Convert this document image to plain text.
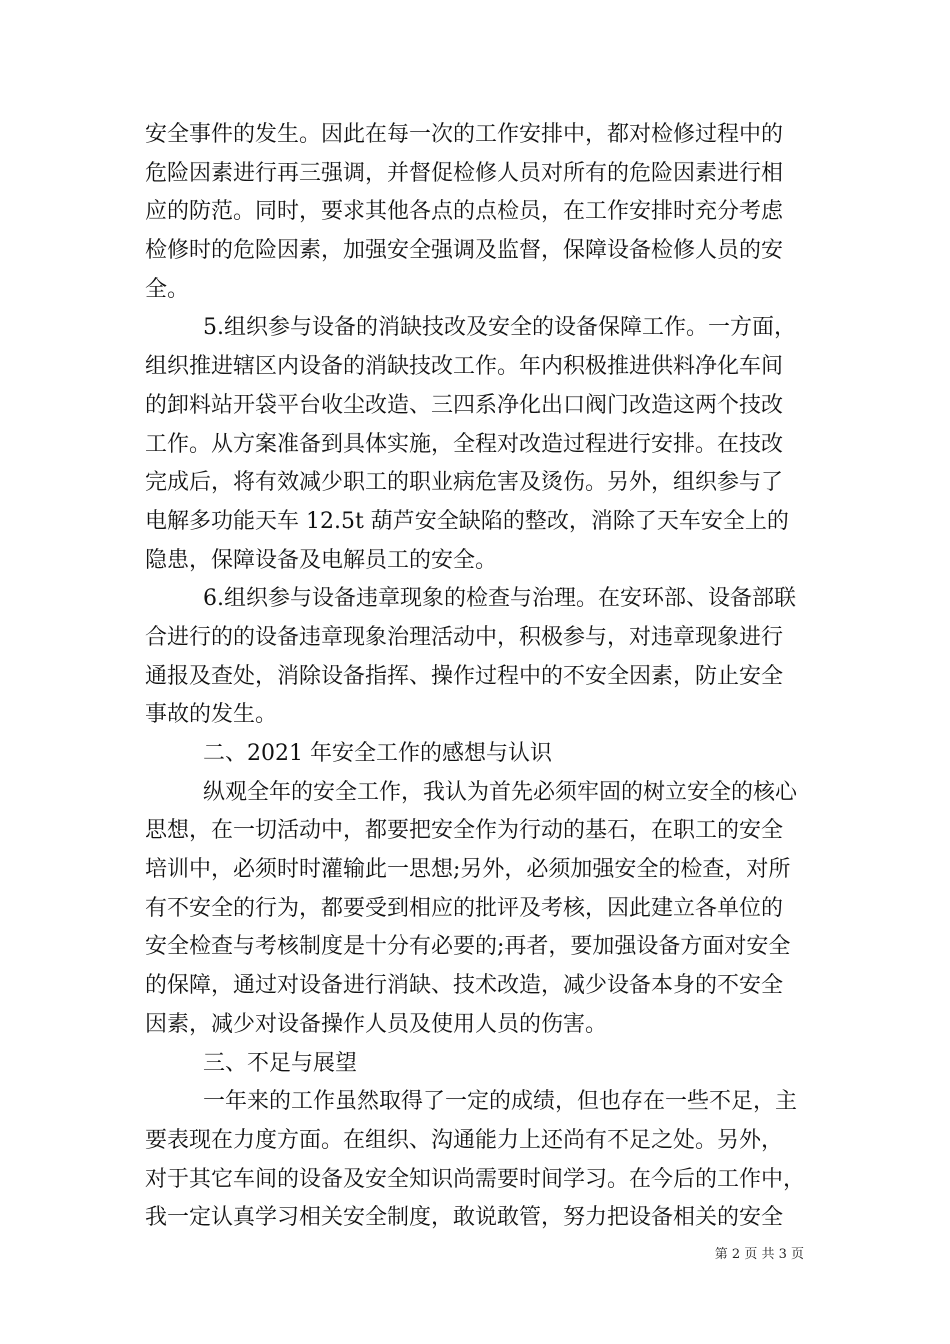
安全事件的发生。因此在每一次的工作安排中，都对检修过程中的
危险因素进行再三强调，并督促检修人员对所有的危险因素进行相
应的防范。同时，要求其他各点的点检员，在工作安排时充分考虑
检修时的危险因素，加强安全强调及监督，保障设备检修人员的安
全。
5.组织参与设备的消缺技改及安全的设备保障工作。一方面，
组织推进辖区内设备的消缺技改工作。年内积极推进供料净化车间
的卸料站开袋平台收尘改造、三四系净化出口阀门改造这两个技改
工作。从方案准备到具体实施，全程对改造过程进行安排。在技改
完成后，将有效减少职工的职业病危害及烫伤。另外，组织参与了
电解多功能天车 12.5t 葫芦安全缺陷的整改，消除了天车安全上的
隐患，保障设备及电解员工的安全。
6.组织参与设备违章现象的检查与治理。在安环部、设备部联
合进行的的设备违章现象治理活动中，积极参与，对违章现象进行
通报及查处，消除设备指挥、操作过程中的不安全因素，防止安全
事故的发生。
二、2021 年安全工作的感想与认识
纵观全年的安全工作，我认为首先必须牢固的树立安全的核心
思想，在一切活动中，都要把安全作为行动的基石，在职工的安全
培训中，必须时时灌输此一思想;另外，必须加强安全的检查，对所
有不安全的行为，都要受到相应的批评及考核，因此建立各单位的
安全检查与考核制度是十分有必要的;再者，要加强设备方面对安全
的保障，通过对设备进行消缺、技术改造，减少设备本身的不安全
因素，减少对设备操作人员及使用人员的伤害。
三、不足与展望
一年来的工作虽然取得了一定的成绩，但也存在一些不足，主
要表现在力度方面。在组织、沟通能力上还尚有不足之处。另外，
对于其它车间的设备及安全知识尚需要时间学习。在今后的工作中，
我一定认真学习相关安全制度，敢说敢管，努力把设备相关的安全
第 2 页 共 3 页
